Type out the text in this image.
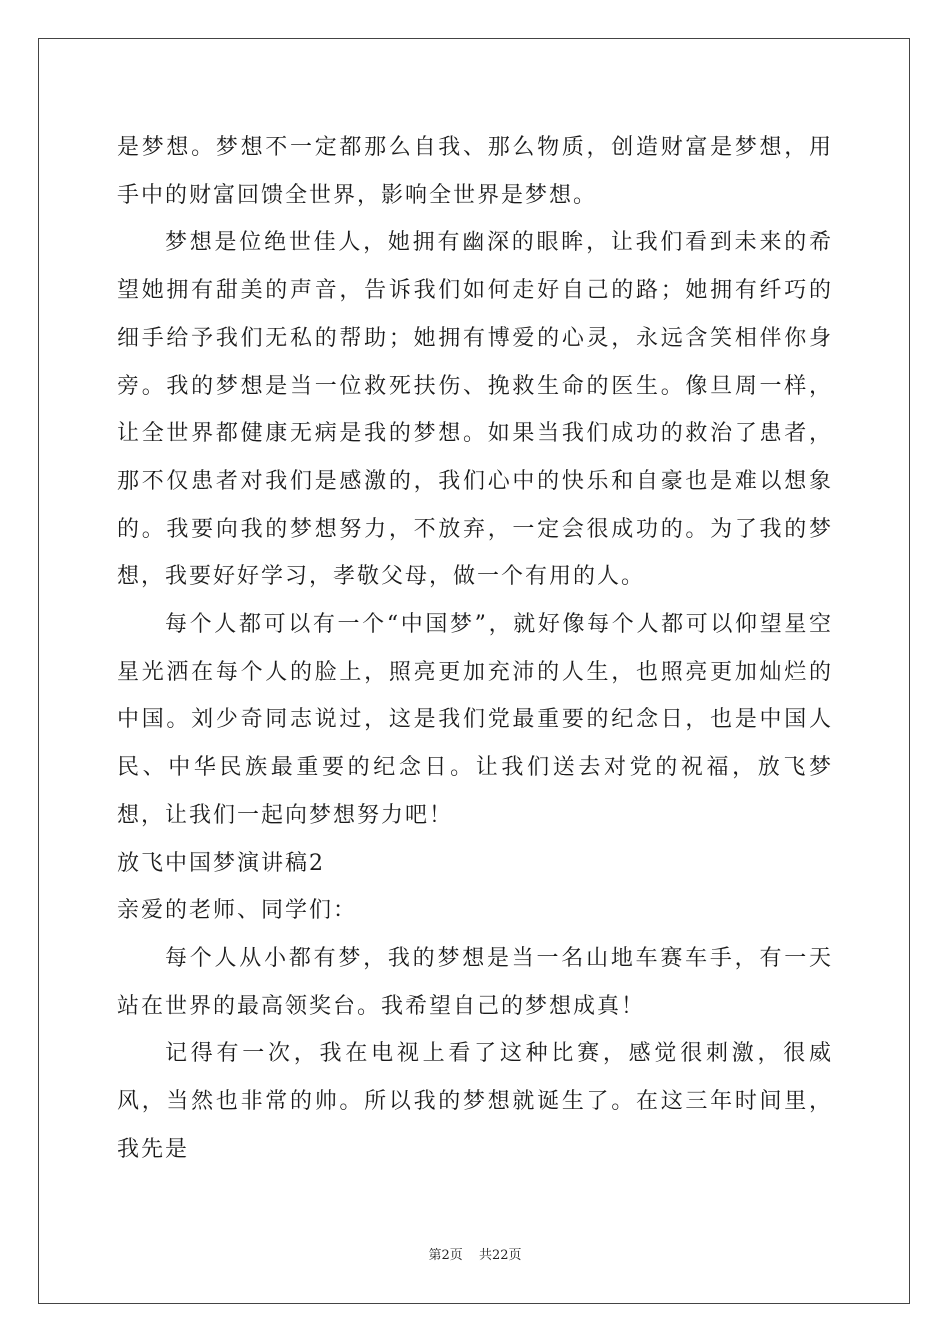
是梦想。梦想不一定都那么自我、那么物质，创造财富是梦想，用手中的财富回馈全世界，影响全世界是梦想。

梦想是位绝世佳人，她拥有幽深的眼眸，让我们看到未来的希望她拥有甜美的声音，告诉我们如何走好自己的路；她拥有纤巧的细手给予我们无私的帮助；她拥有博爱的心灵，永远含笑相伴你身旁。我的梦想是当一位救死扶伤、挽救生命的医生。像旦周一样，让全世界都健康无病是我的梦想。如果当我们成功的救治了患者，那不仅患者对我们是感激的，我们心中的快乐和自豪也是难以想象的。我要向我的梦想努力，不放弃，一定会很成功的。为了我的梦想，我要好好学习，孝敬父母，做一个有用的人。

每个人都可以有一个“中国梦”，就好像每个人都可以仰望星空星光洒在每个人的脸上，照亮更加充沛的人生，也照亮更加灿烂的中国。刘少奇同志说过，这是我们党最重要的纪念日，也是中国人民、中华民族最重要的纪念日。让我们送去对党的祝福，放飞梦想，让我们一起向梦想努力吧！

放飞中国梦演讲稿2

亲爱的老师、同学们：

每个人从小都有梦，我的梦想是当一名山地车赛车手，有一天站在世界的最高领奖台。我希望自己的梦想成真！

记得有一次，我在电视上看了这种比赛，感觉很刺激，很威风，当然也非常的帅。所以我的梦想就诞生了。在这三年时间里，我先是

第2页 共22页
